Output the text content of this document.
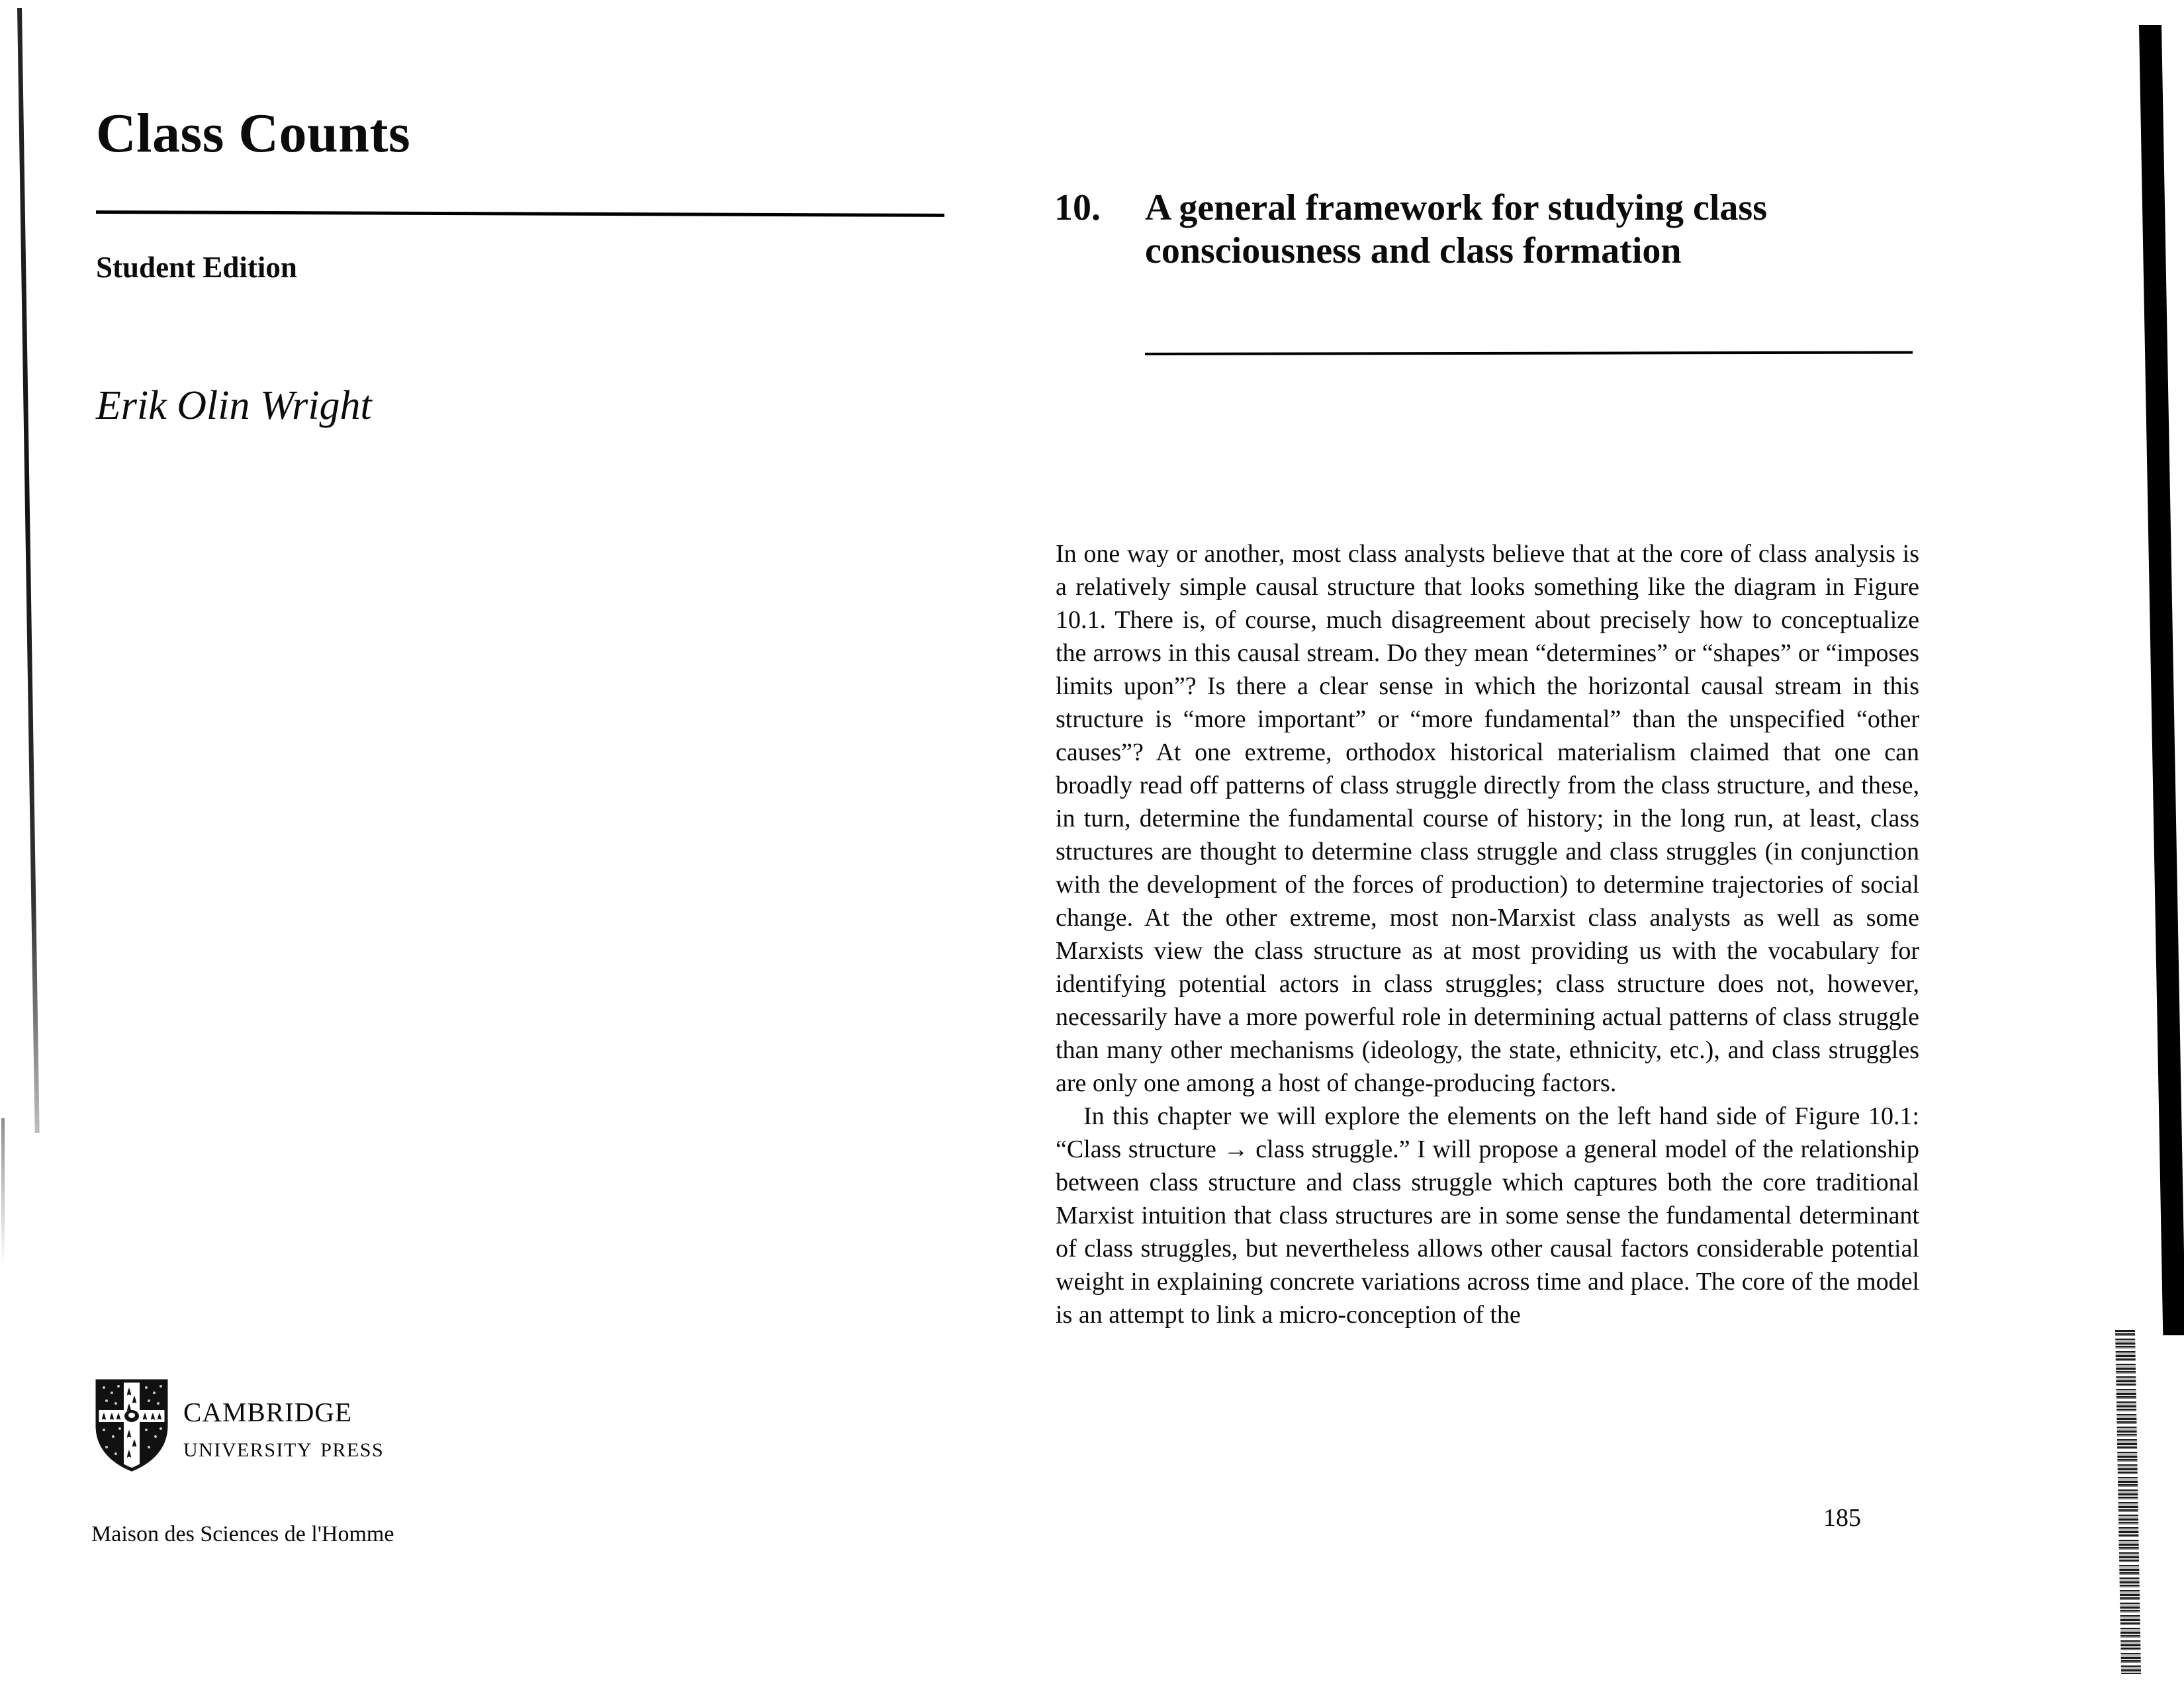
Class Counts
Student Edition
Erik Olin Wright
cambridge
university press
Maison des Sciences de l'Homme
10.	A general framework for studying class consciousness and class formation

In one way or another, most class analysts believe that at the core of class analysis is a relatively simple causal structure that looks something like the diagram in Figure 10.1. There is, of course, much disagreement about precisely how to conceptualize the arrows in this causal stream. Do they mean “determines” or “shapes” or “imposes limits upon”? Is there a clear sense in which the horizontal causal stream in this structure is “more important” or “more fundamental” than the unspecified “other causes”? At one extreme, orthodox historical materialism claimed that one can broadly read off patterns of class struggle directly from the class structure, and these, in turn, determine the fundamental course of history; in the long run, at least, class structures are thought to determine class struggle and class struggles (in conjunction with the development of the forces of production) to determine trajectories of social change. At the other extreme, most non-Marxist class analysts as well as some Marxists view the class structure as at most providing us with the vocabulary for identifying potential actors in class struggles; class structure does not, however, necessarily have a more powerful role in determining actual patterns of class struggle than many other mechanisms (ideology, the state, ethnicity, etc.), and class struggles are only one among a host of change-producing factors.

In this chapter we will explore the elements on the left hand side of Figure 10.1: “Class structure → class struggle.” I will propose a general model of the relationship between class structure and class struggle which captures both the core traditional Marxist intuition that class structures are in some sense the fundamental determinant of class struggles, but nevertheless allows other causal factors considerable potential weight in explaining concrete variations across time and place. The core of the model is an attempt to link a micro-conception of the

185
